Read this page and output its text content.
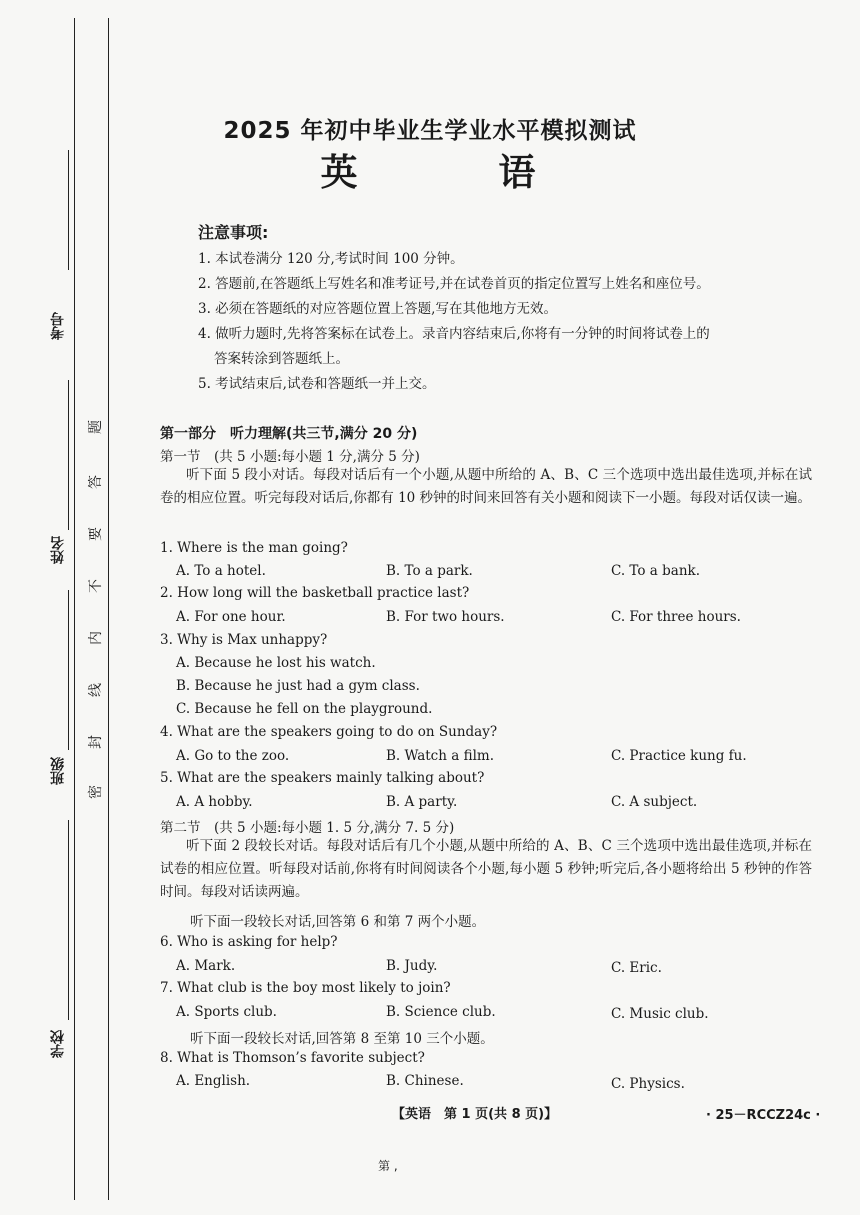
考号
姓名
班级
学校
题
答
要
不
内
线
封
密
2025 年初中毕业生学业水平模拟测试
英 语
注意事项:
1. 本试卷满分 120 分,考试时间 100 分钟。
2. 答题前,在答题纸上写姓名和准考证号,并在试卷首页的指定位置写上姓名和座位号。
3. 必须在答题纸的对应答题位置上答题,写在其他地方无效。
4. 做听力题时,先将答案标在试卷上。录音内容结束后,你将有一分钟的时间将试卷上的
答案转涂到答题纸上。
5. 考试结束后,试卷和答题纸一并上交。
第一部分　听力理解(共三节,满分 20 分)
第一节　(共 5 小题:每小题 1 分,满分 5 分)
听下面 5 段小对话。每段对话后有一个小题,从题中所给的 A、B、C 三个选项中选出最佳选项,并标在试卷的相应位置。听完每段对话后,你都有 10 秒钟的时间来回答有关小题和阅读下一小题。每段对话仅读一遍。
1. Where is the man going?
A. To a hotel.	B. To a park.	C. To a bank.
2. How long will the basketball practice last?
A. For one hour.	B. For two hours.	C. For three hours.
3. Why is Max unhappy?
A. Because he lost his watch.
B. Because he just had a gym class.
C. Because he fell on the playground.
4. What are the speakers going to do on Sunday?
A. Go to the zoo.	B. Watch a film.	C. Practice kung fu.
5. What are the speakers mainly talking about?
A. A hobby.	B. A party.	C. A subject.
第二节　(共 5 小题:每小题 1. 5 分,满分 7. 5 分)
听下面 2 段较长对话。每段对话后有几个小题,从题中所给的 A、B、C 三个选项中选出最佳选项,并标在试卷的相应位置。听每段对话前,你将有时间阅读各个小题,每小题 5 秒钟;听完后,各小题将给出 5 秒钟的作答时间。每段对话读两遍。
听下面一段较长对话,回答第 6 和第 7 两个小题。
6. Who is asking for help?
A. Mark.	B. Judy.	C. Eric.
7. What club is the boy most likely to join?
A. Sports club.	B. Science club.	C. Music club.
听下面一段较长对话,回答第 8 至第 10 三个小题。
8. What is Thomson’s favorite subject?
A. English.	B. Chinese.	C. Physics.
【英语　第 1 页(共 8 页)】	· 25－RCCZ24c ·
第 ,
